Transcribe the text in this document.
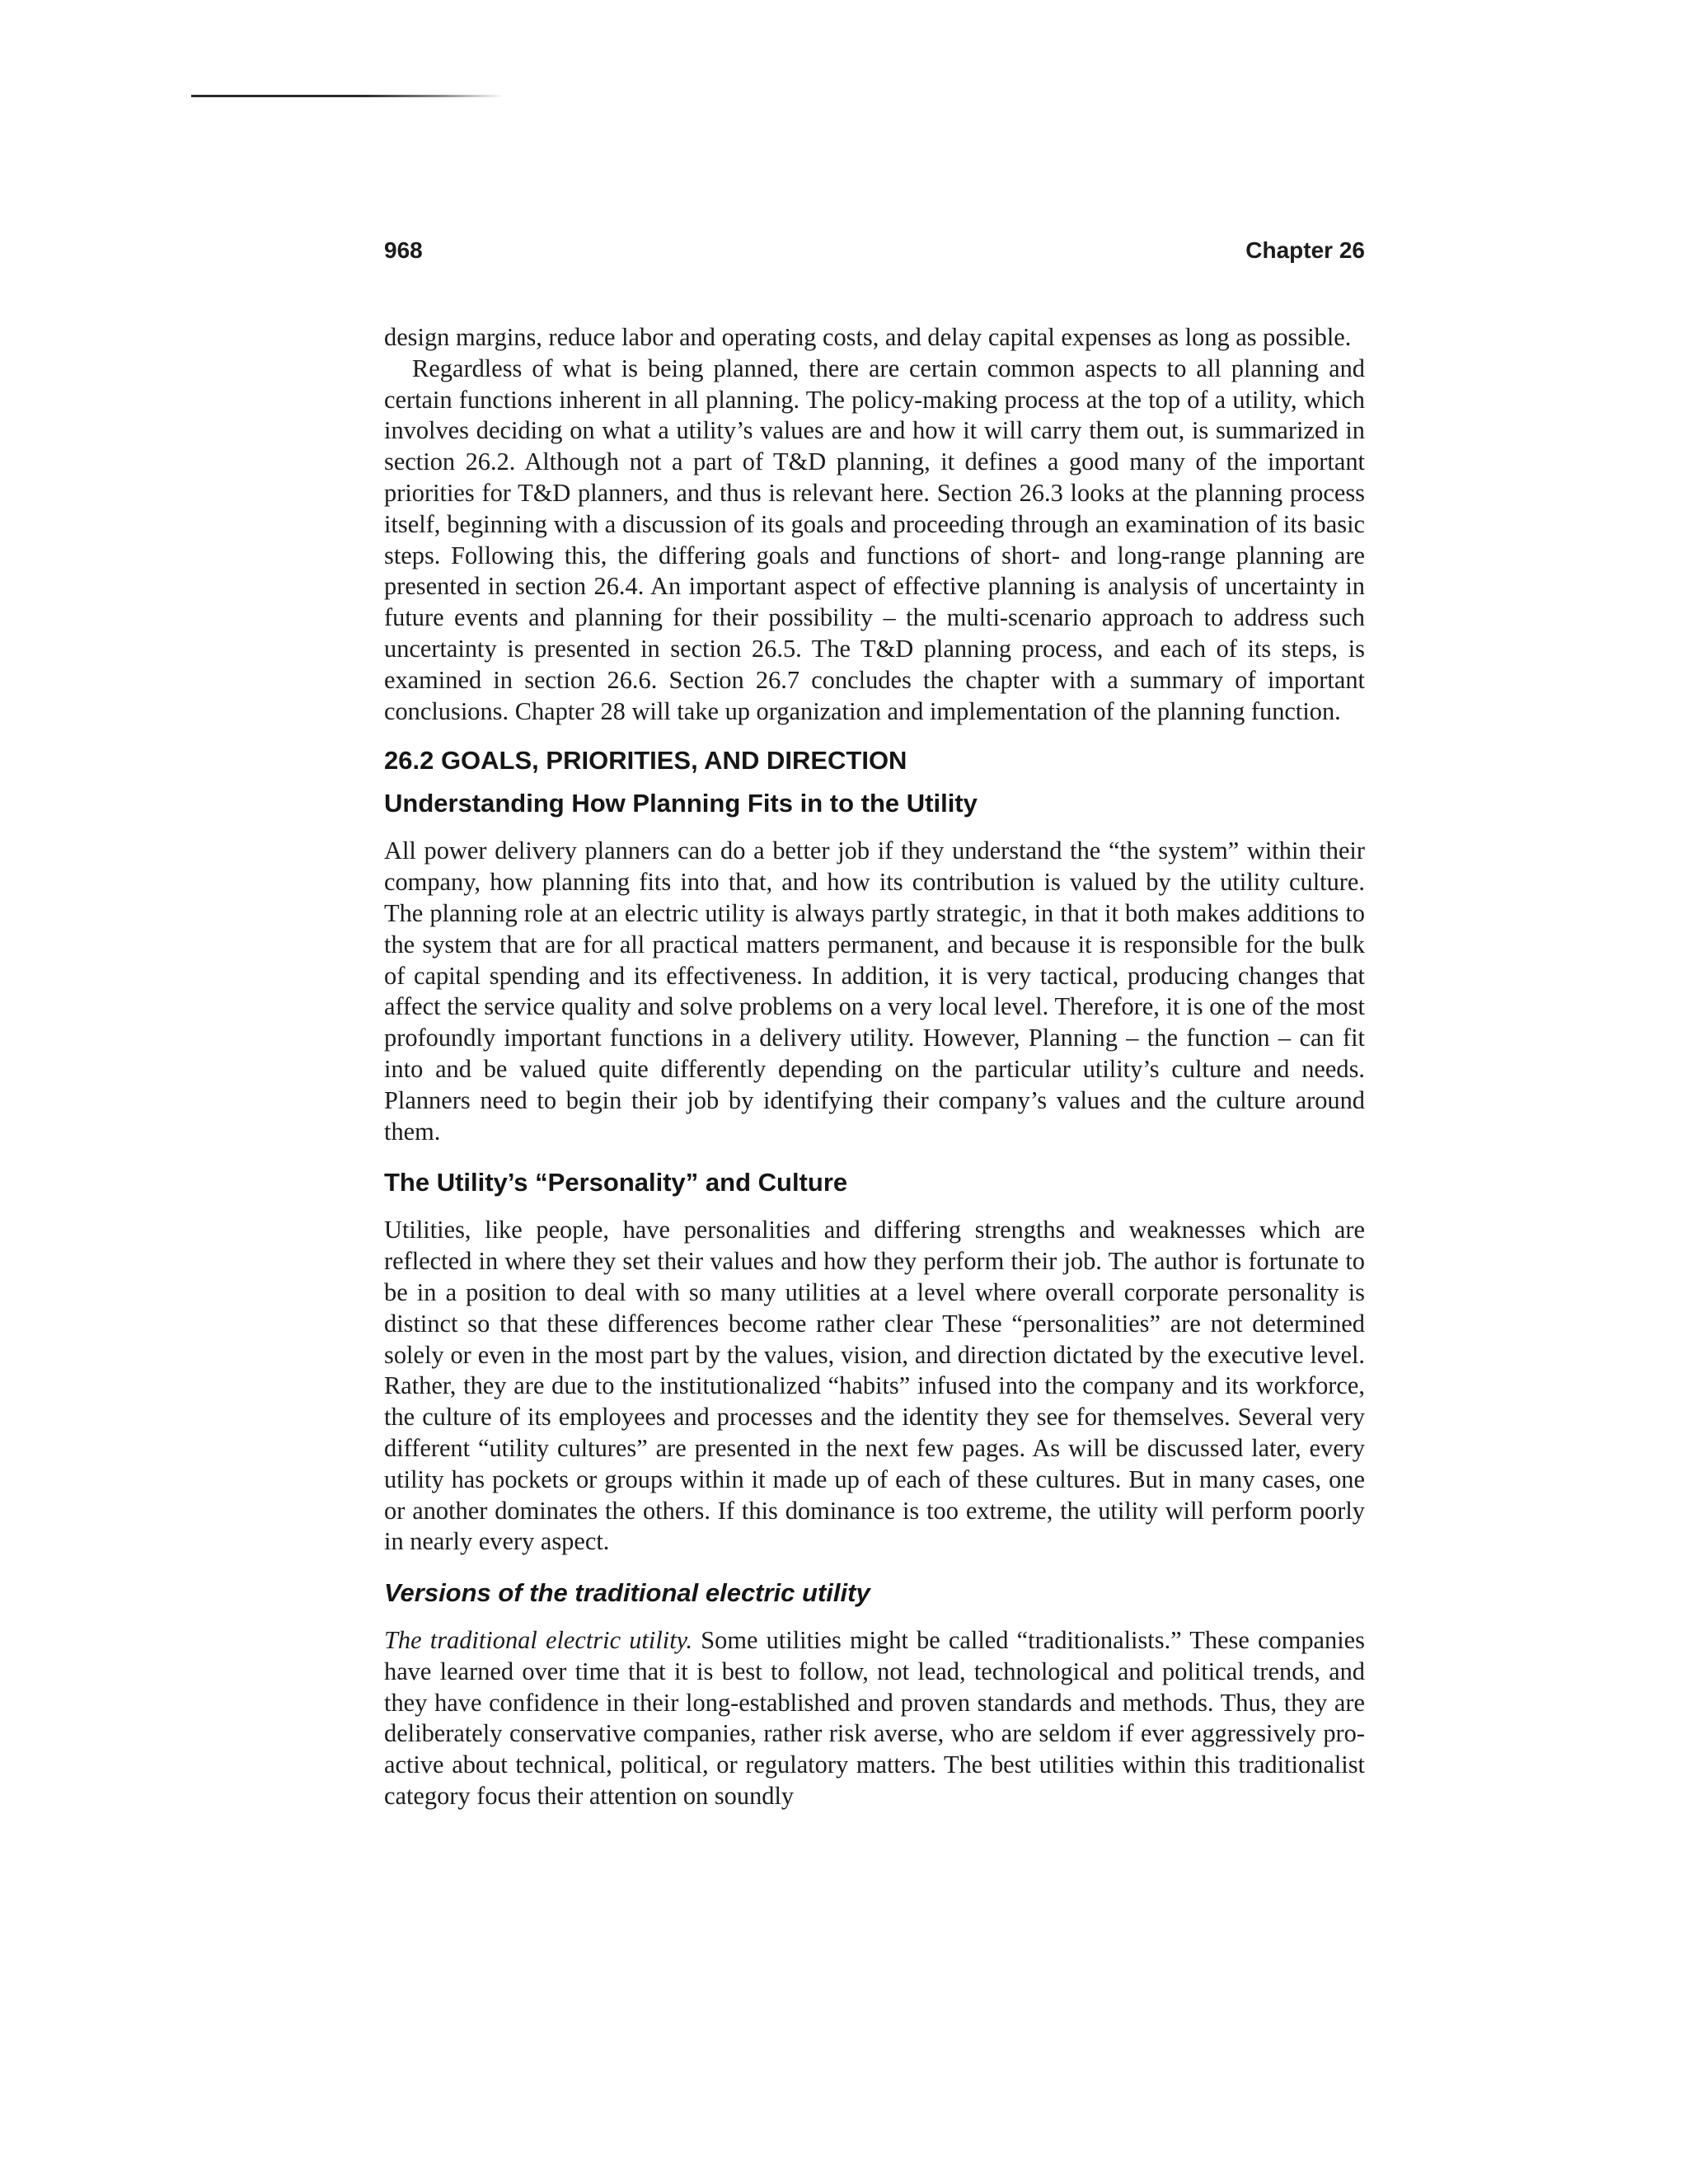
968	Chapter 26

design margins, reduce labor and operating costs, and delay capital expenses as long as possible.

Regardless of what is being planned, there are certain common aspects to all planning and certain functions inherent in all planning. The policy-making process at the top of a utility, which involves deciding on what a utility’s values are and how it will carry them out, is summarized in section 26.2. Although not a part of T&D planning, it defines a good many of the important priorities for T&D planners, and thus is relevant here. Section 26.3 looks at the planning process itself, beginning with a discussion of its goals and proceeding through an examination of its basic steps. Following this, the differing goals and functions of short- and long-range planning are presented in section 26.4. An important aspect of effective planning is analysis of uncertainty in future events and planning for their possibility – the multi-scenario approach to address such uncertainty is presented in section 26.5. The T&D planning process, and each of its steps, is examined in section 26.6. Section 26.7 concludes the chapter with a summary of important conclusions. Chapter 28 will take up organization and implementation of the planning function.

26.2 GOALS, PRIORITIES, AND DIRECTION
Understanding How Planning Fits in to the Utility

All power delivery planners can do a better job if they understand the “the system” within their company, how planning fits into that, and how its contribution is valued by the utility culture. The planning role at an electric utility is always partly strategic, in that it both makes additions to the system that are for all practical matters permanent, and because it is responsible for the bulk of capital spending and its effectiveness. In addition, it is very tactical, producing changes that affect the service quality and solve problems on a very local level. Therefore, it is one of the most profoundly important functions in a delivery utility. However, Planning – the function – can fit into and be valued quite differently depending on the particular utility’s culture and needs. Planners need to begin their job by identifying their company’s values and the culture around them.

The Utility’s “Personality” and Culture

Utilities, like people, have personalities and differing strengths and weaknesses which are reflected in where they set their values and how they perform their job. The author is fortunate to be in a position to deal with so many utilities at a level where overall corporate personality is distinct so that these differences become rather clear These “personalities” are not determined solely or even in the most part by the values, vision, and direction dictated by the executive level. Rather, they are due to the institutionalized “habits” infused into the company and its workforce, the culture of its employees and processes and the identity they see for themselves. Several very different “utility cultures” are presented in the next few pages. As will be discussed later, every utility has pockets or groups within it made up of each of these cultures. But in many cases, one or another dominates the others. If this dominance is too extreme, the utility will perform poorly in nearly every aspect.

Versions of the traditional electric utility

The traditional electric utility. Some utilities might be called “traditionalists.” These companies have learned over time that it is best to follow, not lead, technological and political trends, and they have confidence in their long-established and proven standards and methods. Thus, they are deliberately conservative companies, rather risk averse, who are seldom if ever aggressively pro-active about technical, political, or regulatory matters. The best utilities within this traditionalist category focus their attention on soundly
